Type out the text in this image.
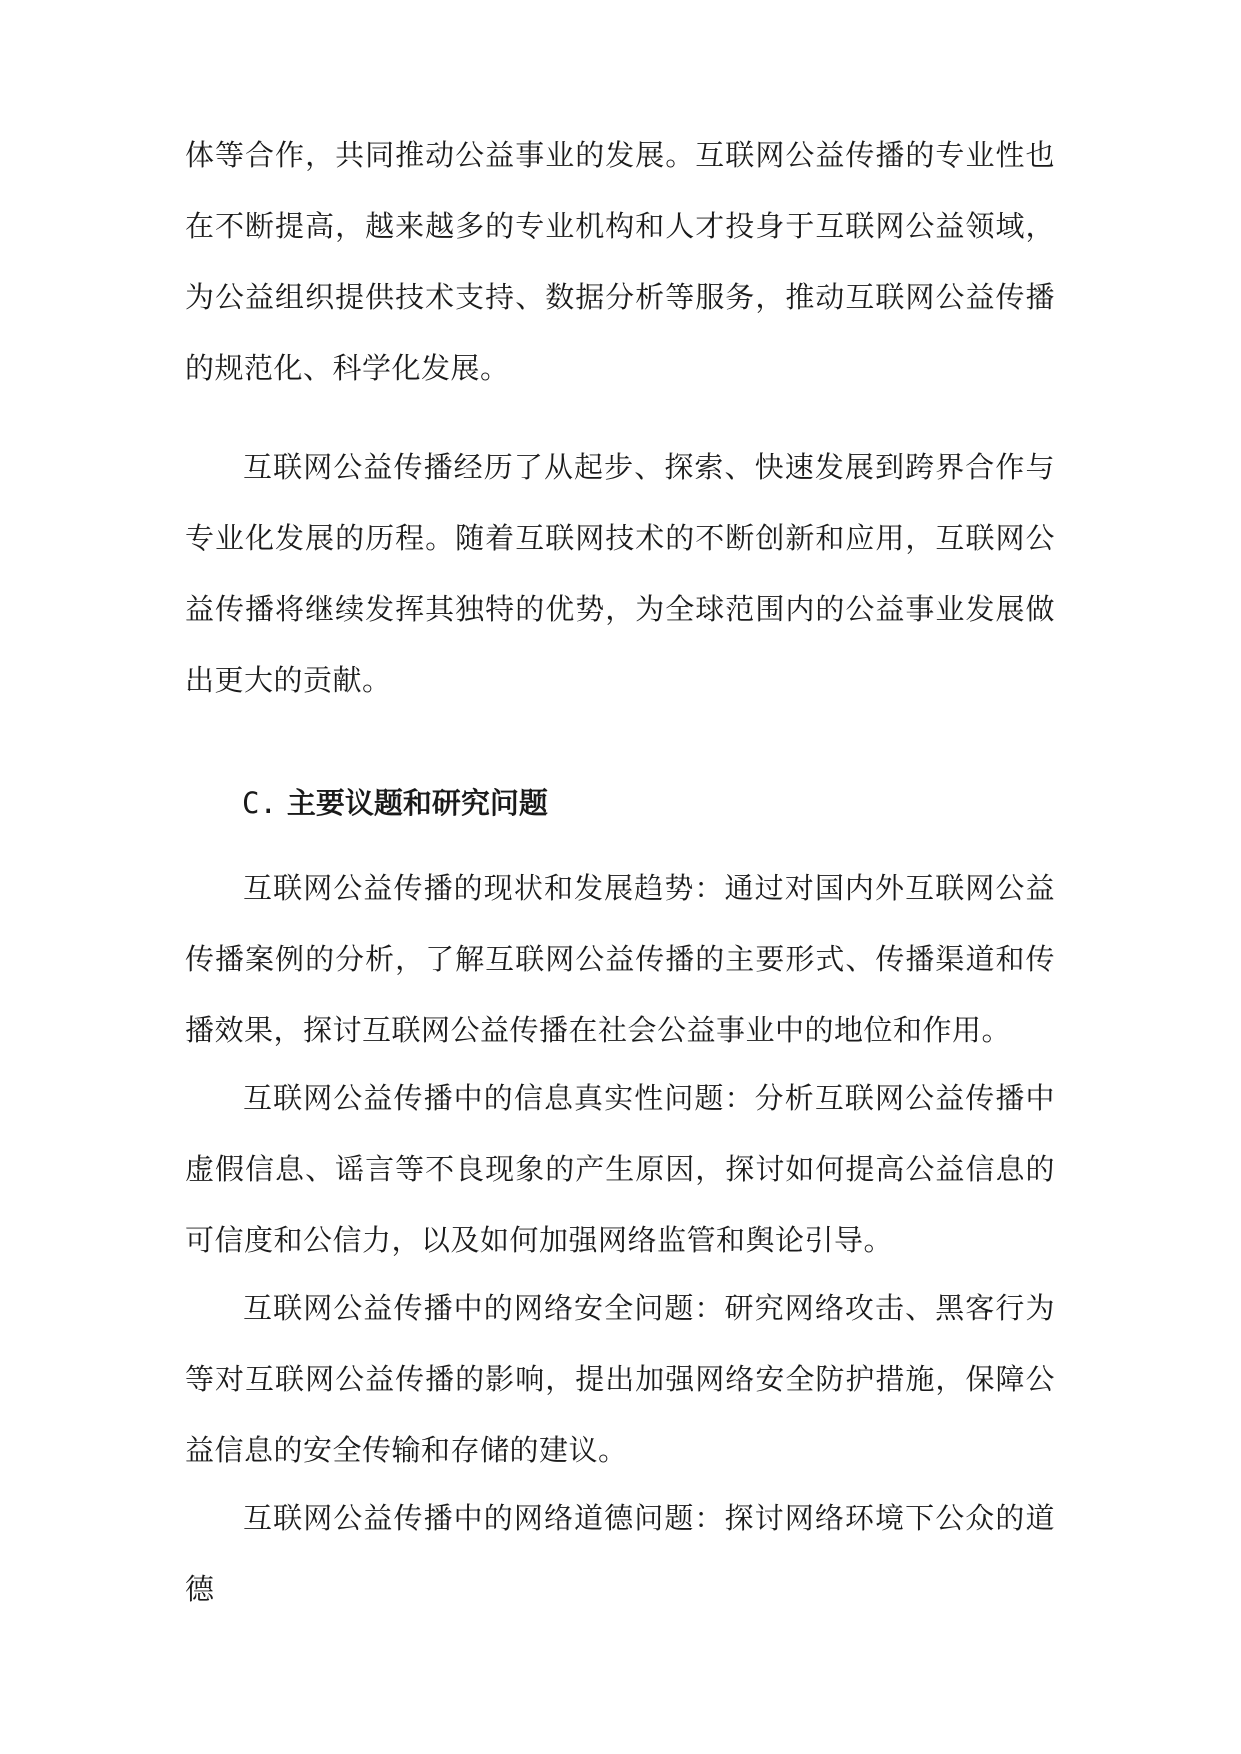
体等合作，共同推动公益事业的发展。互联网公益传播的专业性也在不断提高，越来越多的专业机构和人才投身于互联网公益领域，为公益组织提供技术支持、数据分析等服务，推动互联网公益传播的规范化、科学化发展。

互联网公益传播经历了从起步、探索、快速发展到跨界合作与专业化发展的历程。随着互联网技术的不断创新和应用，互联网公益传播将继续发挥其独特的优势，为全球范围内的公益事业发展做出更大的贡献。

C. 主要议题和研究问题

互联网公益传播的现状和发展趋势：通过对国内外互联网公益传播案例的分析，了解互联网公益传播的主要形式、传播渠道和传播效果，探讨互联网公益传播在社会公益事业中的地位和作用。

互联网公益传播中的信息真实性问题：分析互联网公益传播中虚假信息、谣言等不良现象的产生原因，探讨如何提高公益信息的可信度和公信力，以及如何加强网络监管和舆论引导。

互联网公益传播中的网络安全问题：研究网络攻击、黑客行为等对互联网公益传播的影响，提出加强网络安全防护措施，保障公益信息的安全传输和存储的建议。

互联网公益传播中的网络道德问题：探讨网络环境下公众的道德
